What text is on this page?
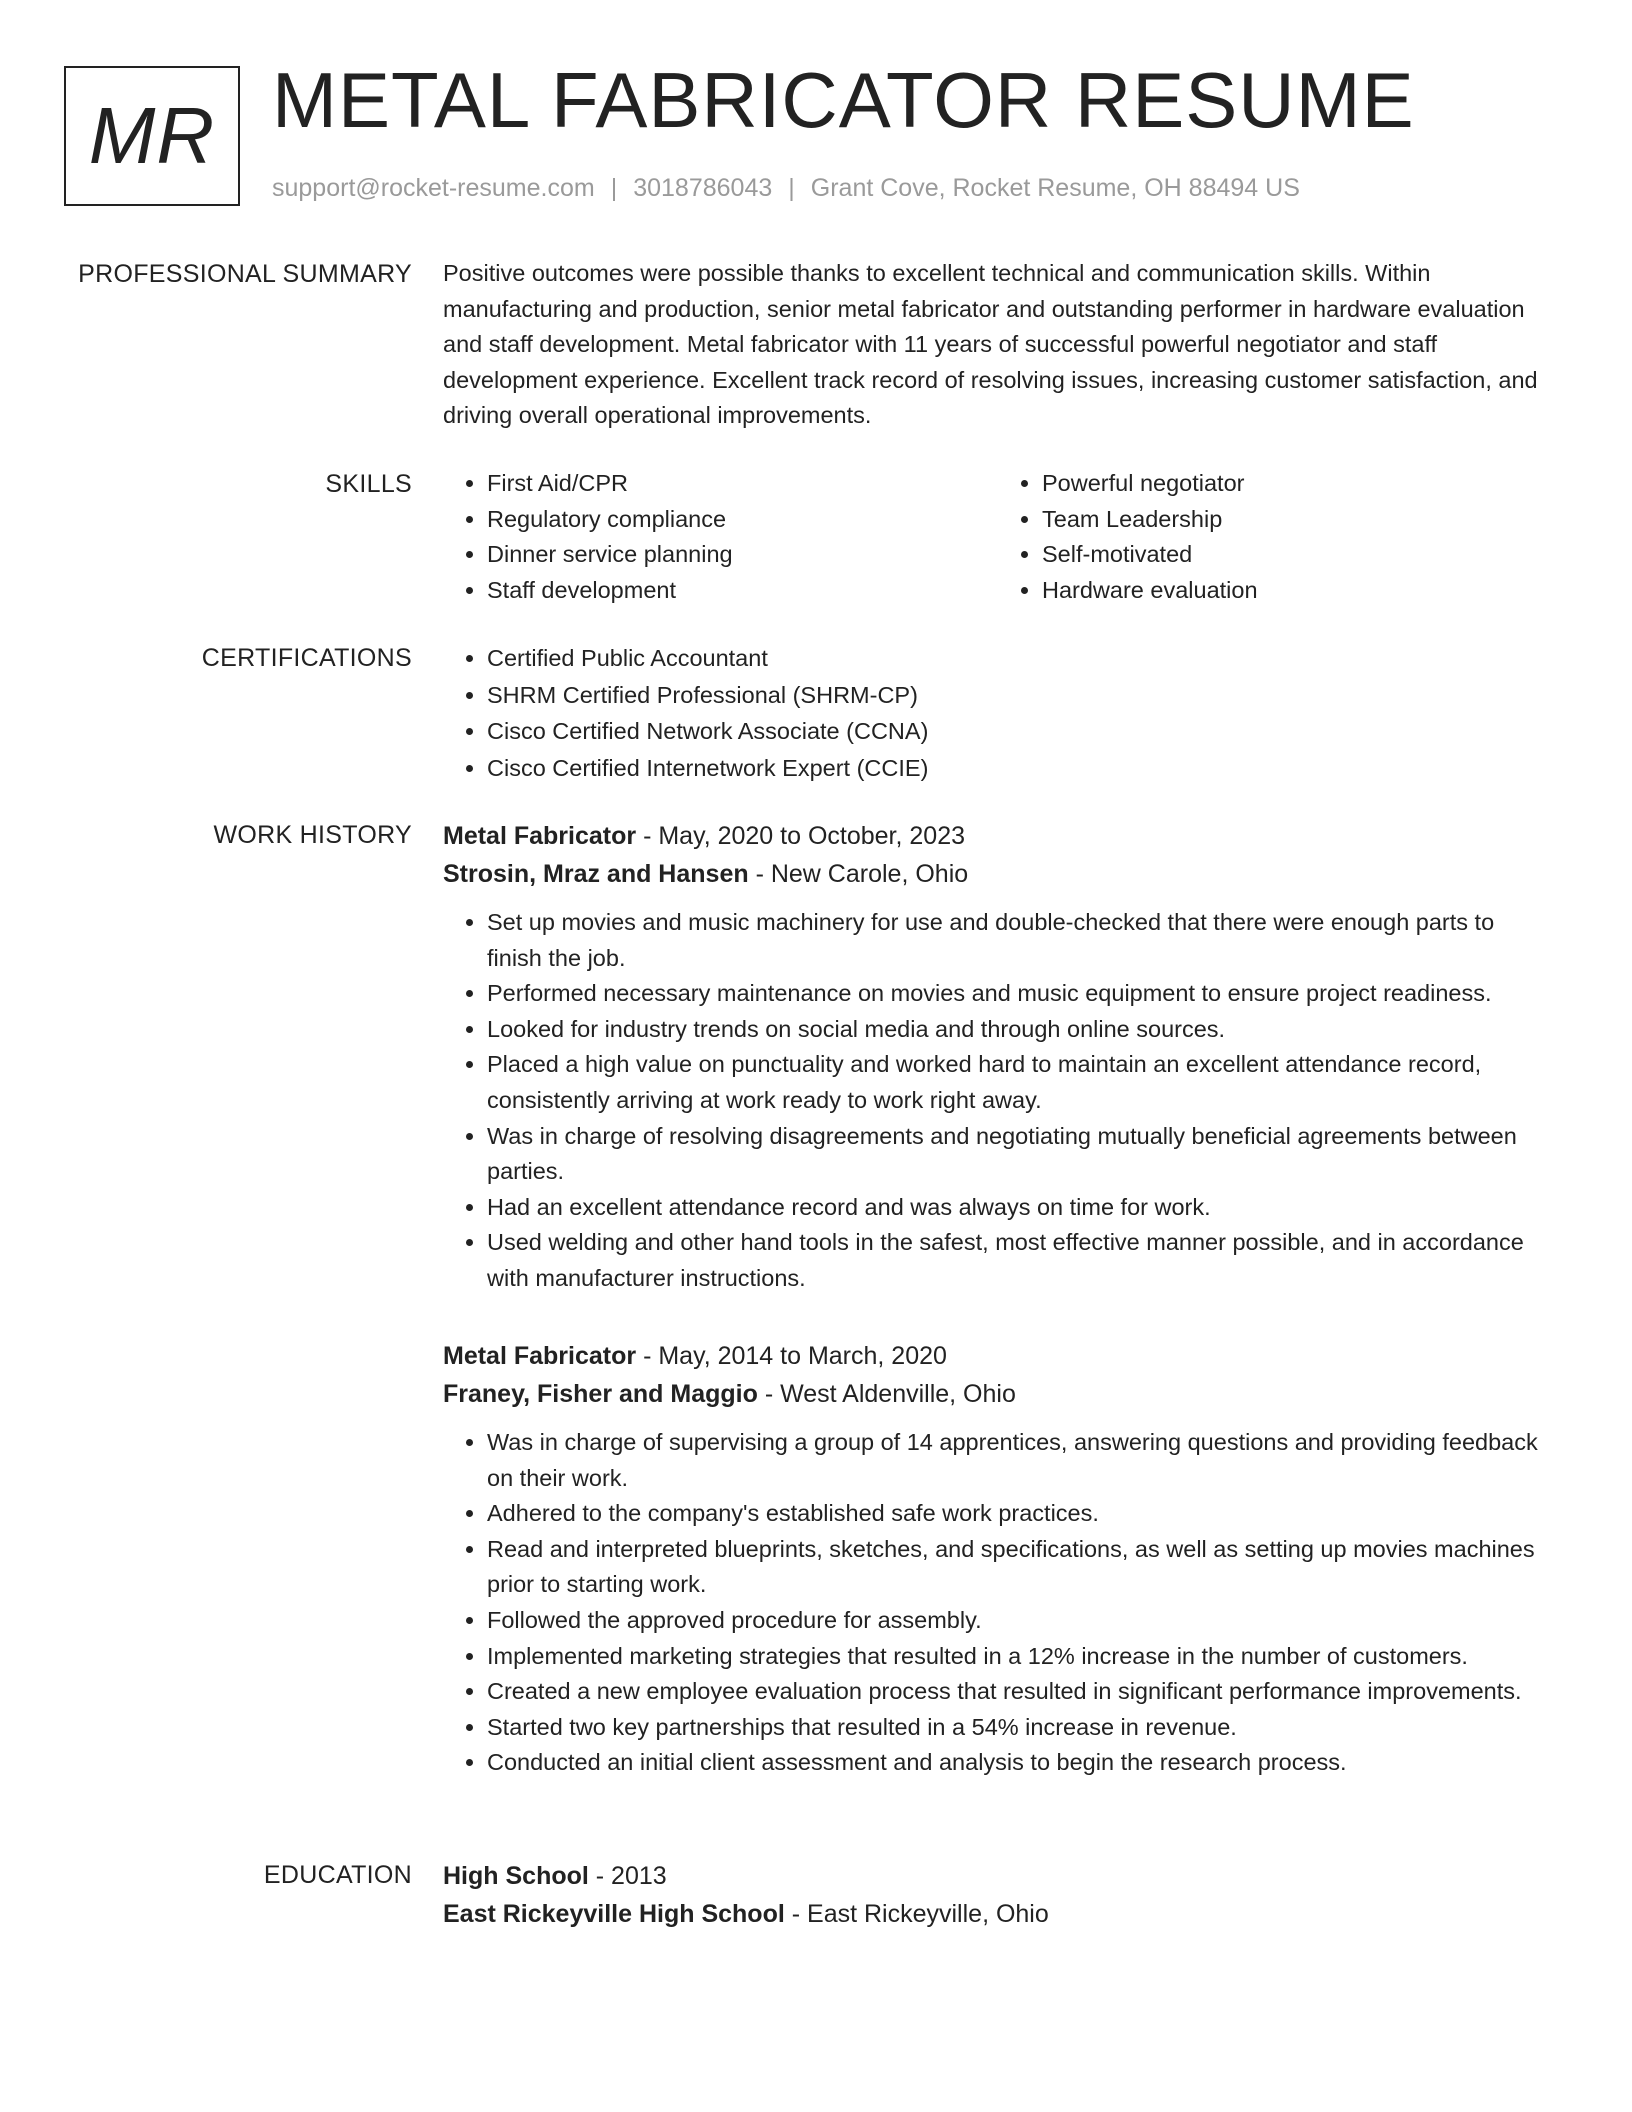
MR METAL FABRICATOR RESUME
support@rocket-resume.com | 3018786043 | Grant Cove, Rocket Resume, OH 88494 US
PROFESSIONAL SUMMARY Positive outcomes were possible thanks to excellent technical and communication skills. Within manufacturing and production, senior metal fabricator and outstanding performer in hardware evaluation and staff development. Metal fabricator with 11 years of successful powerful negotiator and staff development experience. Excellent track record of resolving issues, increasing customer satisfaction, and driving overall operational improvements.
SKILLS	• First Aid/CPR
• Regulatory compliance
• Dinner service planning
• Staff development
• Powerful negotiator
• Team Leadership
• Self-motivated
• Hardware evaluation
CERTIFICATIONS	• Certified Public Accountant
• SHRM Certified Professional (SHRM-CP)
• Cisco Certified Network Associate (CCNA)
• Cisco Certified Internetwork Expert (CCIE)
WORK HISTORY Metal Fabricator - May, 2020 to October, 2023
Strosin, Mraz and Hansen - New Carole, Ohio
• Set up movies and music machinery for use and double-checked that there were enough parts to finish the job.
• Performed necessary maintenance on movies and music equipment to ensure project readiness.
• Looked for industry trends on social media and through online sources.
• Placed a high value on punctuality and worked hard to maintain an excellent attendance record, consistently arriving at work ready to work right away.
• Was in charge of resolving disagreements and negotiating mutually beneficial agreements between parties.
• Had an excellent attendance record and was always on time for work.
• Used welding and other hand tools in the safest, most effective manner possible, and in accordance with manufacturer instructions.
Metal Fabricator - May, 2014 to March, 2020
Franey, Fisher and Maggio - West Aldenville, Ohio
• Was in charge of supervising a group of 14 apprentices, answering questions and providing feedback on their work.
• Adhered to the company's established safe work practices.
• Read and interpreted blueprints, sketches, and specifications, as well as setting up movies machines prior to starting work.
• Followed the approved procedure for assembly.
• Implemented marketing strategies that resulted in a 12% increase in the number of customers.
• Created a new employee evaluation process that resulted in significant performance improvements.
• Started two key partnerships that resulted in a 54% increase in revenue.
• Conducted an initial client assessment and analysis to begin the research process.
EDUCATION High School - 2013
East Rickeyville High School - East Rickeyville, Ohio
